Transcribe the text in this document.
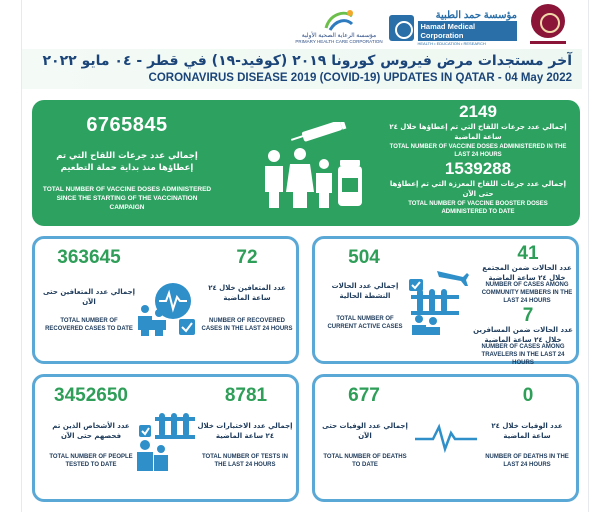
مؤسسة حمد الطبية
Hamad Medical Corporation
HEALTH • EDUCATION • RESEARCH
مؤسسة الرعاية الصحية الأولية
PRIMARY HEALTH CARE CORPORATION
آخر مستجدات مرض فيروس كورونا ٢٠١٩ (كوفيد-١٩) في قطر - ٠٤ مايو ٢٠٢٢
CORONAVIRUS DISEASE 2019 (COVID-19) UPDATES IN QATAR - 04 May 2022
6765845
إجمالي عدد جرعات اللقاح التي تم إعطاؤها منذ بداية حملة التطعيم
TOTAL NUMBER OF VACCINE DOSES ADMINISTERED SINCE THE STARTING OF THE VACCINATION CAMPAIGN
2149
إجمالي عدد جرعات اللقاح التي تم إعطاؤها خلال ٢٤ ساعة الماضية
TOTAL NUMBER OF VACCINE DOSES ADMINISTERED IN THE LAST 24 HOURS
1539288
إجمالي عدد جرعات اللقاح المعززة التي تم إعطاؤها حتى الآن
TOTAL NUMBER OF VACCINE BOOSTER DOSES ADMINISTERED TO DATE
363645
إجمالي عدد المتعافين حتى الآن
TOTAL NUMBER OF RECOVERED CASES TO DATE
72
عدد المتعافين خلال ٢٤ ساعة الماضية
NUMBER OF RECOVERED CASES IN THE LAST 24 HOURS
504
إجمالي عدد الحالات النشطة الحالية
TOTAL NUMBER OF CURRENT ACTIVE CASES
41
عدد الحالات ضمن المجتمع خلال ٢٤ ساعة الماضية
NUMBER OF CASES AMONG COMMUNITY MEMBERS IN THE LAST 24 HOURS
7
عدد الحالات ضمن المسافرين خلال ٢٤ ساعة الماضية
NUMBER OF CASES AMONG TRAVELERS IN THE LAST 24 HOURS
3452650
عدد الأشخاص الذين تم فحصهم حتى الآن
TOTAL NUMBER OF PEOPLE TESTED TO DATE
8781
إجمالي عدد الاختبارات خلال ٢٤ ساعة الماضية
TOTAL NUMBER OF TESTS IN THE LAST 24 HOURS
677
إجمالي عدد الوفيات حتى الآن
TOTAL NUMBER OF DEATHS TO DATE
0
عدد الوفيات خلال ٢٤ ساعة الماضية
NUMBER OF DEATHS IN THE LAST 24 HOURS
